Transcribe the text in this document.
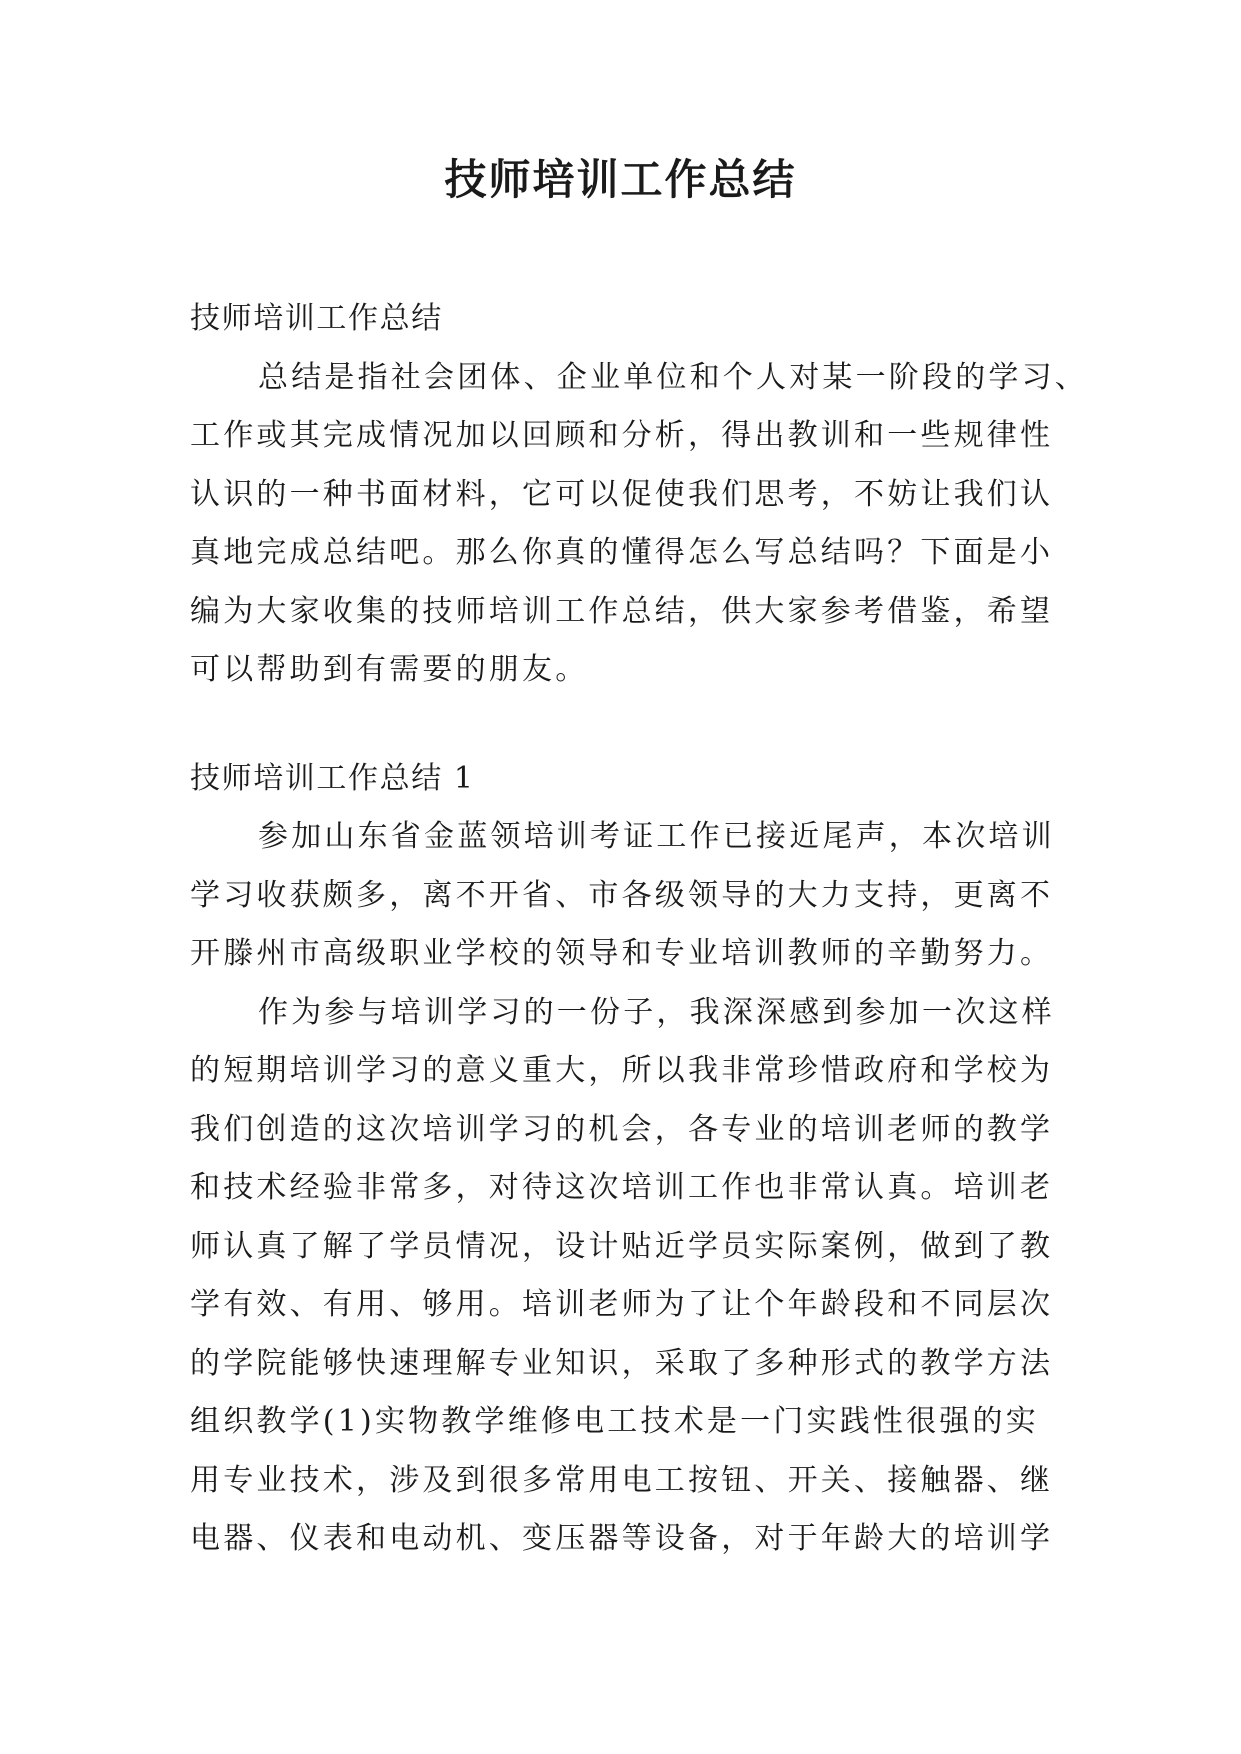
技师培训工作总结
技师培训工作总结
总结是指社会团体、企业单位和个人对某一阶段的学习、
工作或其完成情况加以回顾和分析，得出教训和一些规律性
认识的一种书面材料，它可以促使我们思考，不妨让我们认
真地完成总结吧。那么你真的懂得怎么写总结吗？下面是小
编为大家收集的技师培训工作总结，供大家参考借鉴，希望
可以帮助到有需要的朋友。
技师培训工作总结 1
参加山东省金蓝领培训考证工作已接近尾声，本次培训
学习收获颇多，离不开省、市各级领导的大力支持，更离不
开滕州市高级职业学校的领导和专业培训教师的辛勤努力。
作为参与培训学习的一份子，我深深感到参加一次这样
的短期培训学习的意义重大，所以我非常珍惜政府和学校为
我们创造的这次培训学习的机会，各专业的培训老师的教学
和技术经验非常多，对待这次培训工作也非常认真。培训老
师认真了解了学员情况，设计贴近学员实际案例，做到了教
学有效、有用、够用。培训老师为了让个年龄段和不同层次
的学院能够快速理解专业知识，采取了多种形式的教学方法
组织教学(1)实物教学维修电工技术是一门实践性很强的实
用专业技术，涉及到很多常用电工按钮、开关、接触器、继
电器、仪表和电动机、变压器等设备，对于年龄大的培训学
